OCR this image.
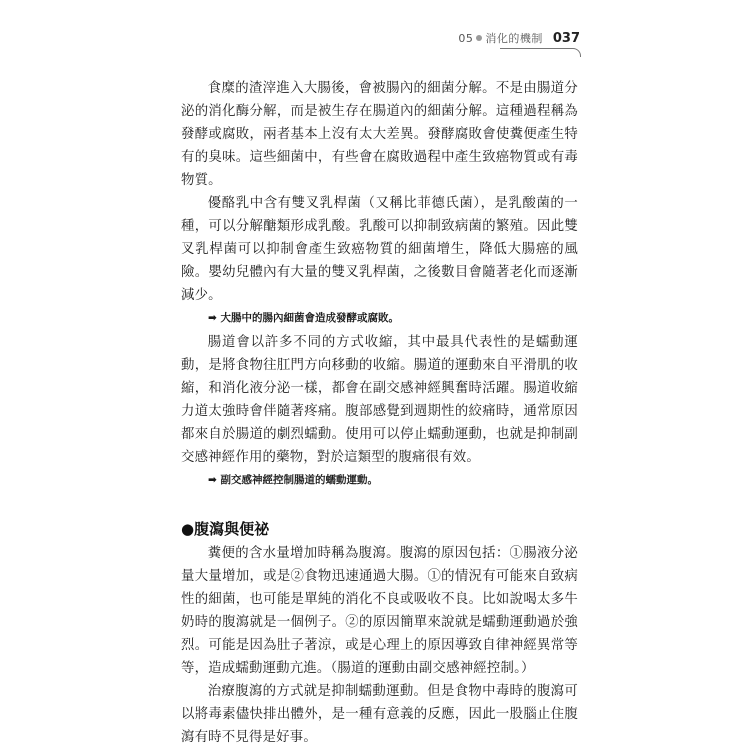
05 消化的機制 037

食糜的渣滓進入大腸後，會被腸內的細菌分解。不是由腸道分泌的消化酶分解，而是被生存在腸道內的細菌分解。這種過程稱為發酵或腐敗，兩者基本上沒有太大差異。發酵腐敗會使糞便產生特有的臭味。這些細菌中，有些會在腐敗過程中產生致癌物質或有毒物質。

優酪乳中含有雙叉乳桿菌（又稱比菲德氏菌），是乳酸菌的一種，可以分解醣類形成乳酸。乳酸可以抑制致病菌的繁殖。因此雙叉乳桿菌可以抑制會產生致癌物質的細菌增生，降低大腸癌的風險。嬰幼兒體內有大量的雙叉乳桿菌，之後數目會隨著老化而逐漸減少。

➡ 大腸中的腸內細菌會造成發酵或腐敗。

腸道會以許多不同的方式收縮，其中最具代表性的是蠕動運動，是將食物往肛門方向移動的收縮。腸道的運動來自平滑肌的收縮，和消化液分泌一樣，都會在副交感神經興奮時活躍。腸道收縮力道太強時會伴隨著疼痛。腹部感覺到週期性的絞痛時，通常原因都來自於腸道的劇烈蠕動。使用可以停止蠕動運動，也就是抑制副交感神經作用的藥物，對於這類型的腹痛很有效。

➡ 副交感神經控制腸道的蠕動運動。
●腹瀉與便祕

糞便的含水量增加時稱為腹瀉。腹瀉的原因包括：①腸液分泌量大量增加，或是②食物迅速通過大腸。①的情況有可能來自致病性的細菌，也可能是單純的消化不良或吸收不良。比如說喝太多牛奶時的腹瀉就是一個例子。②的原因簡單來說就是蠕動運動過於強烈。可能是因為肚子著涼，或是心理上的原因導致自律神經異常等等，造成蠕動運動亢進。（腸道的運動由副交感神經控制。）

治療腹瀉的方式就是抑制蠕動運動。但是食物中毒時的腹瀉可以將毒素儘快排出體外，是一種有意義的反應，因此一股腦止住腹瀉有時不見得是好事。
